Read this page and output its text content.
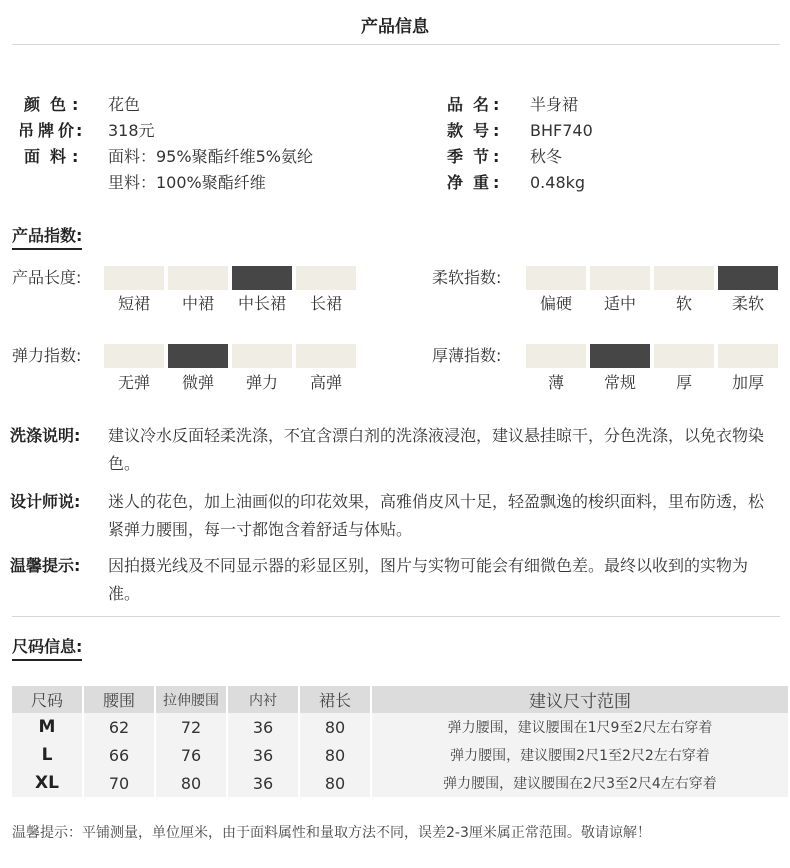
产品信息
颜色 : 花色
吊牌价 : 318元
面料 : 面料：95%聚酯纤维5%氨纶
里料：100%聚酯纤维
品名 : 半身裙
款号 : BHF740
季节 : 秋冬
净重 : 0.48kg
产品指数:
产品长度:
短裙	中裙	中长裙	长裙
柔软指数:
偏硬	适中	软	柔软
弹力指数:
无弹	微弹	弹力	高弹
厚薄指数:
薄	常规	厚	加厚
洗涤说明: 建议冷水反面轻柔洗涤，不宜含漂白剂的洗涤液浸泡，建议悬挂晾干，分色洗涤，以免衣物染色。
设计师说: 迷人的花色，加上油画似的印花效果，高雅俏皮风十足，轻盈飘逸的梭织面料，里布防透，松紧弹力腰围，每一寸都饱含着舒适与体贴。
温馨提示: 因拍摄光线及不同显示器的彩显区别，图片与实物可能会有细微色差。最终以收到的实物为准。
尺码信息:
尺码	腰围	拉伸腰围	内衬	裙长	建议尺寸范围
M	62	72	36	80	弹力腰围，建议腰围在1尺9至2尺左右穿着
L	66	76	36	80	弹力腰围，建议腰围2尺1至2尺2左右穿着
XL	70	80	36	80	弹力腰围，建议腰围在2尺3至2尺4左右穿着
温馨提示：平铺测量，单位厘米，由于面料属性和量取方法不同，误差2-3厘米属正常范围。敬请谅解！
